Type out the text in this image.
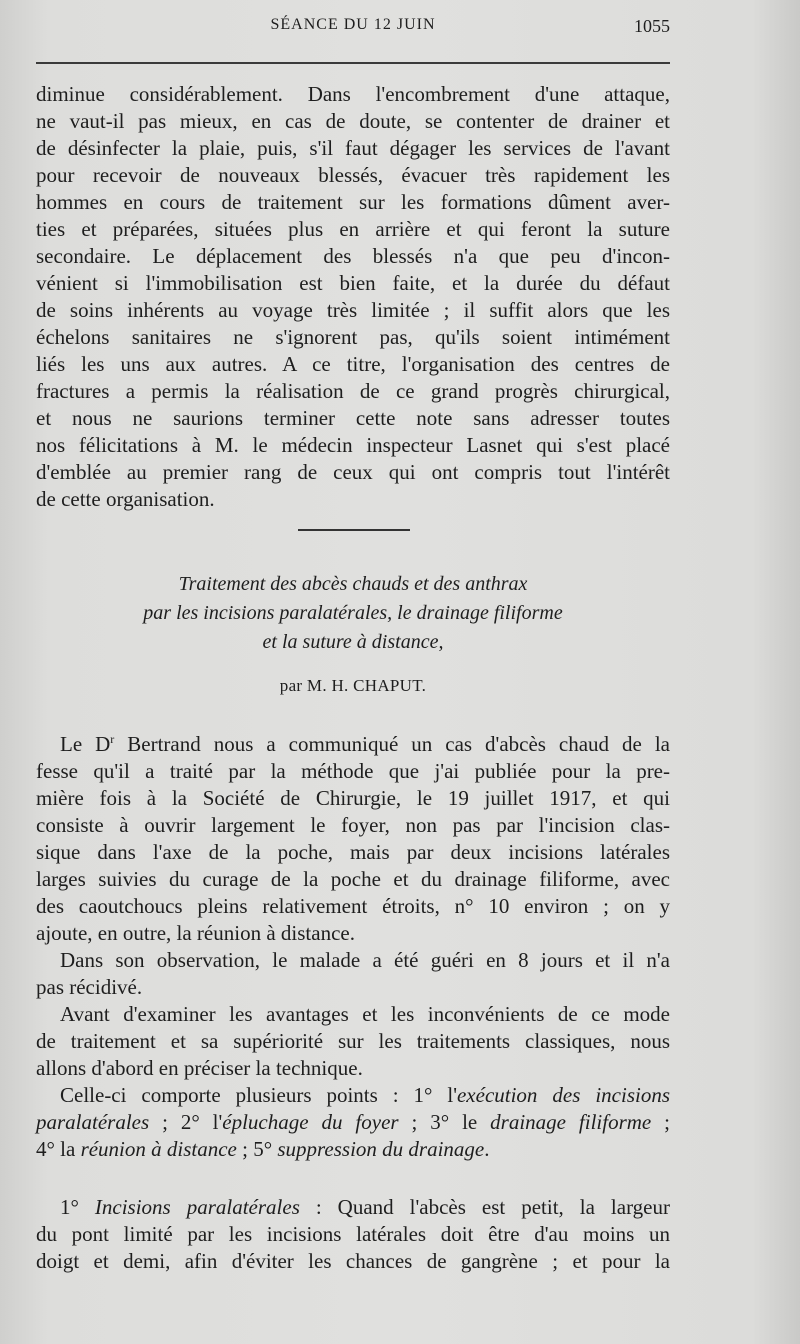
SÉANCE DU 12 JUIN	1055
diminue considérablement. Dans l'encombrement d'une attaque,
ne vaut-il pas mieux, en cas de doute, se contenter de drainer et
de désinfecter la plaie, puis, s'il faut dégager les services de l'avant
pour recevoir de nouveaux blessés, évacuer très rapidement les
hommes en cours de traitement sur les formations dûment aver-
ties et préparées, situées plus en arrière et qui feront la suture
secondaire. Le déplacement des blessés n'a que peu d'incon-
vénient si l'immobilisation est bien faite, et la durée du défaut
de soins inhérents au voyage très limitée ; il suffit alors que les
échelons sanitaires ne s'ignorent pas, qu'ils soient intimément
liés les uns aux autres. A ce titre, l'organisation des centres de
fractures a permis la réalisation de ce grand progrès chirurgical,
et nous ne saurions terminer cette note sans adresser toutes
nos félicitations à M. le médecin inspecteur Lasnet qui s'est placé
d'emblée au premier rang de ceux qui ont compris tout l'intérêt
de cette organisation.
Traitement des abcès chauds et des anthrax
par les incisions paralatérales, le drainage filiforme
et la suture à distance,
par M. H. CHAPUT.
Le $D^r$ Bertrand nous a communiqué un cas d'abcès chaud de la
fesse qu'il a traité par la méthode que j'ai publiée pour la pre-
mière fois à la Société de Chirurgie, le 19 juillet 1917, et qui
consiste à ouvrir largement le foyer, non pas par l'incision clas-
sique dans l'axe de la poche, mais par deux incisions latérales
larges suivies du curage de la poche et du drainage filiforme, avec
des caoutchoucs pleins relativement étroits, n° 10 environ ; on y
ajoute, en outre, la réunion à distance.
Dans son observation, le malade a été guéri en 8 jours et il n'a
pas récidivé.
Avant d'examiner les avantages et les inconvénients de ce mode
de traitement et sa supériorité sur les traitements classiques, nous
allons d'abord en préciser la technique.
Celle-ci comporte plusieurs points : 1° l'exécution des incisions
paralatérales ; 2° l'épluchage du foyer ; 3° le drainage filiforme ;
4° la réunion à distance ; 5° suppression du drainage.
1° Incisions paralatérales : Quand l'abcès est petit, la largeur
du pont limité par les incisions latérales doit être d'au moins un
doigt et demi, afin d'éviter les chances de gangrène ; et pour la
